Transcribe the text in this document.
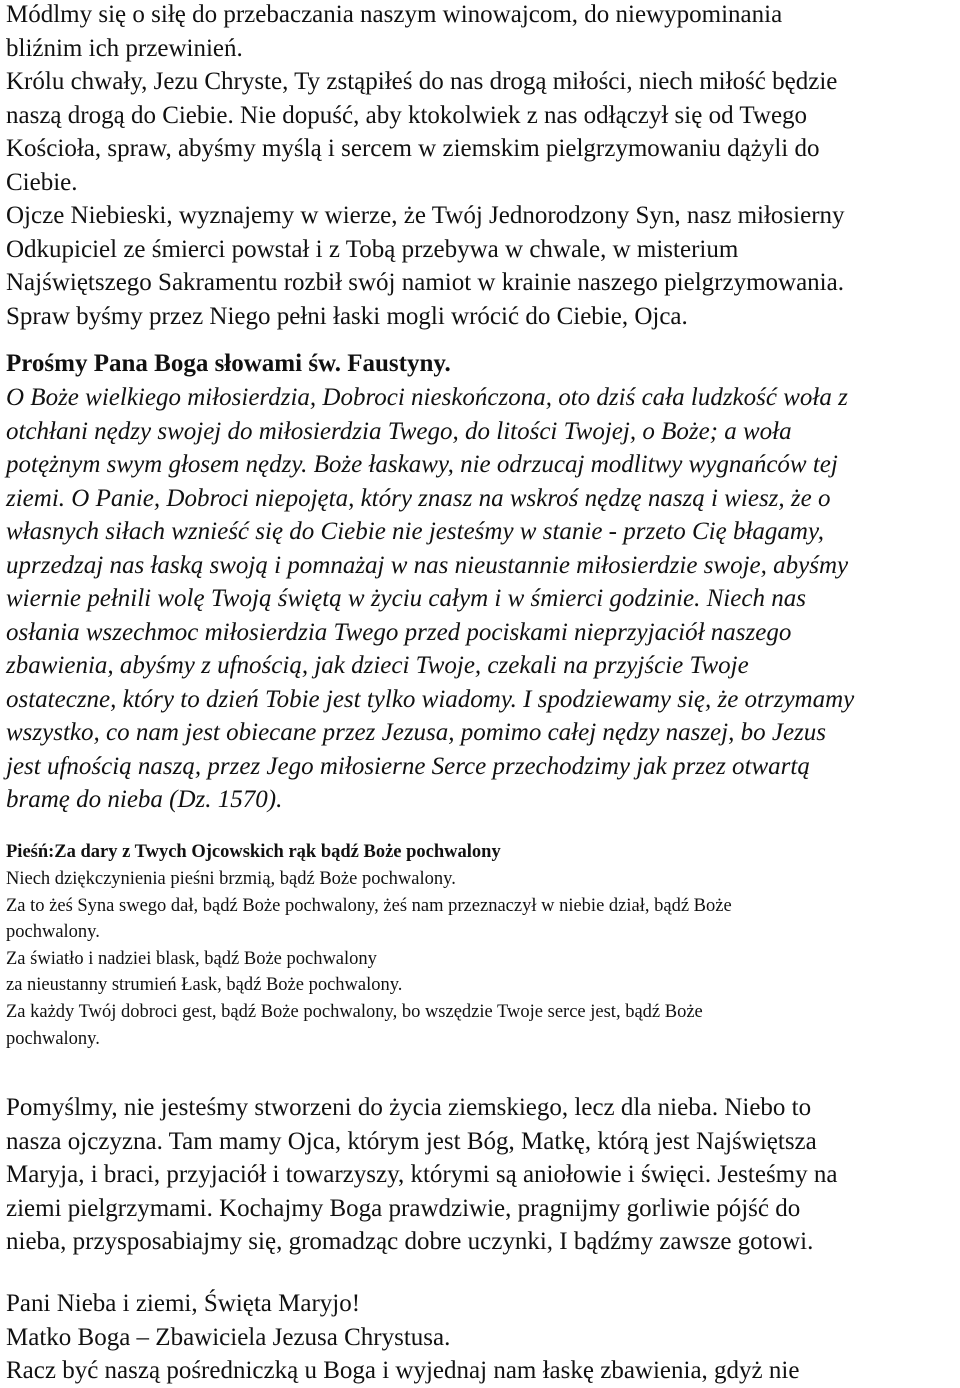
Módlmy się o siłę do przebaczania naszym winowajcom, do niewypominania
bliźnim ich przewinień.
Królu chwały, Jezu Chryste, Ty zstąpiłeś do nas drogą miłości, niech miłość będzie
naszą drogą do Ciebie. Nie dopuść, aby ktokolwiek z nas odłączył się od Twego
Kościoła, spraw, abyśmy myślą i sercem w ziemskim pielgrzymowaniu dążyli do
Ciebie.
Ojcze Niebieski, wyznajemy w wierze, że Twój Jednorodzony Syn, nasz miłosierny
Odkupiciel ze śmierci powstał i z Tobą przebywa w chwale, w misterium
Najświętszego Sakramentu rozbił swój namiot w krainie naszego pielgrzymowania.
Spraw byśmy przez Niego pełni łaski mogli wrócić do Ciebie, Ojca.
Prośmy Pana Boga słowami św. Faustyny.
O Boże wielkiego miłosierdzia, Dobroci nieskończona, oto dziś cała ludzkość woła z
otchłani nędzy swojej do miłosierdzia Twego, do litości Twojej, o Boże; a woła
potężnym swym głosem nędzy. Boże łaskawy, nie odrzucaj modlitwy wygnańców tej
ziemi. O Panie, Dobroci niepojęta, który znasz na wskroś nędzę naszą i wiesz, że o
własnych siłach wznieść się do Ciebie nie jesteśmy w stanie - przeto Cię błagamy,
uprzedzaj nas łaską swoją i pomnażaj w nas nieustannie miłosierdzie swoje, abyśmy
wiernie pełnili wolę Twoją świętą w życiu całym i w śmierci godzinie. Niech nas
osłania wszechmoc miłosierdzia Twego przed pociskami nieprzyjaciół naszego
zbawienia, abyśmy z ufnością, jak dzieci Twoje, czekali na przyjście Twoje
ostateczne, który to dzień Tobie jest tylko wiadomy. I spodziewamy się, że otrzymamy
wszystko, co nam jest obiecane przez Jezusa, pomimo całej nędzy naszej, bo Jezus
jest ufnością naszą, przez Jego miłosierne Serce przechodzimy jak przez otwartą
bramę do nieba (Dz. 1570).
Pieśń:Za dary z Twych Ojcowskich rąk bądź Boże pochwalony
Niech dziękczynienia pieśni brzmią, bądź Boże pochwalony.
Za to żeś Syna swego dał, bądź Boże pochwalony, żeś nam przeznaczył w niebie dział, bądź Boże
pochwalony.
Za światło i nadziei blask, bądź Boże pochwalony
za nieustanny strumień Łask, bądź Boże pochwalony.
Za każdy Twój dobroci gest, bądź Boże pochwalony, bo wszędzie Twoje serce jest, bądź Boże
pochwalony.
Pomyślmy, nie jesteśmy stworzeni do życia ziemskiego, lecz dla nieba. Niebo to
nasza ojczyzna. Tam mamy Ojca, którym jest Bóg, Matkę, którą jest Najświętsza
Maryja, i braci, przyjaciół i towarzyszy, którymi są aniołowie i święci. Jesteśmy na
ziemi pielgrzymami. Kochajmy Boga prawdziwie, pragnijmy gorliwie pójść do
nieba, przysposabiajmy się, gromadząc dobre uczynki, I bądźmy zawsze gotowi.
Pani Nieba i ziemi, Święta Maryjo!
Matko Boga – Zbawiciela Jezusa Chrystusa.
Racz być naszą pośredniczką u Boga i wyjednaj nam łaskę zbawienia, gdyż nie
